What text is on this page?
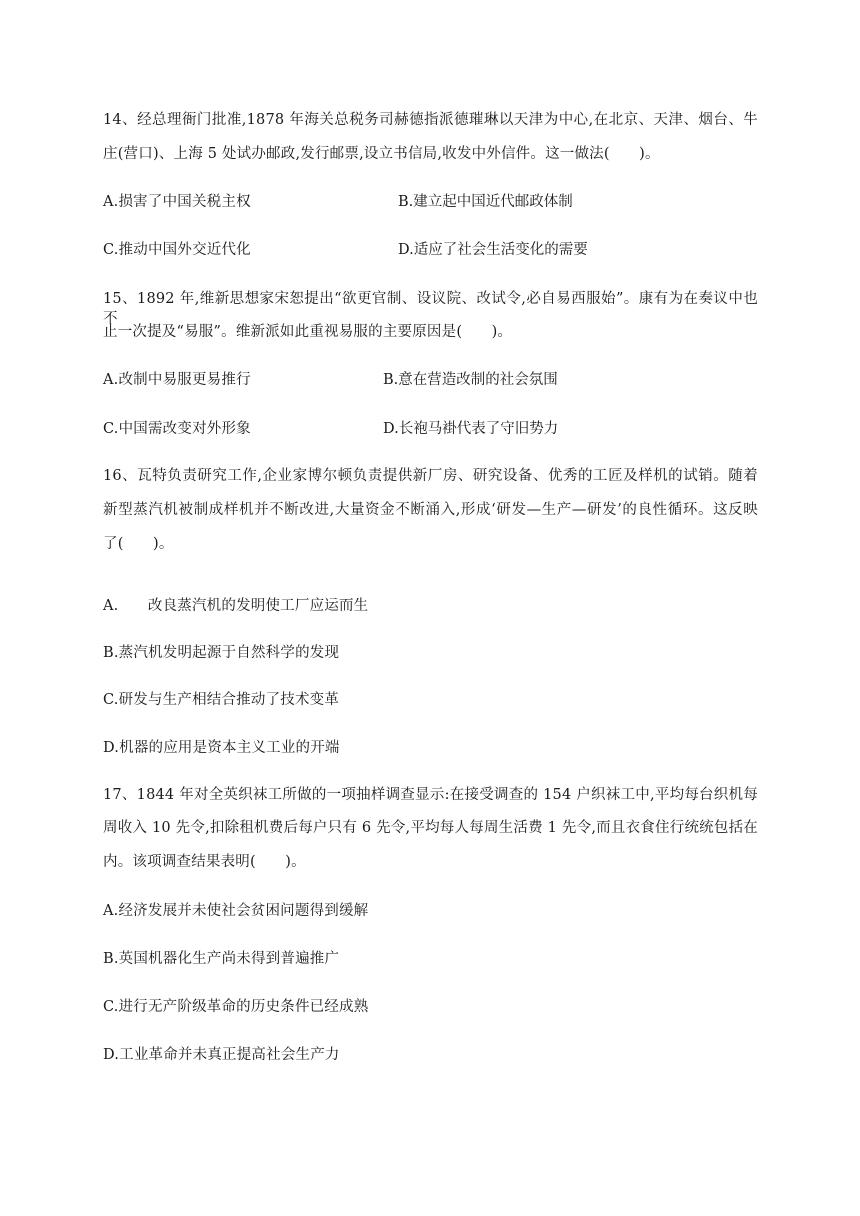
14、经总理衙门批准,1878 年海关总税务司赫德指派德璀琳以天津为中心,在北京、天津、烟台、牛
庄(营口)、上海 5 处试办邮政,发行邮票,设立书信局,收发中外信件。这一做法(　　)。
A.损害了中国关税主权	B.建立起中国近代邮政体制
C.推动中国外交近代化	D.适应了社会生活变化的需要
15、1892 年,维新思想家宋恕提出“欲更官制、设议院、改试令,必自易西服始”。康有为在奏议中也不
止一次提及“易服”。维新派如此重视易服的主要原因是(　　)。
A.改制中易服更易推行	B.意在营造改制的社会氛围
C.中国需改变对外形象	D.长袍马褂代表了守旧势力
16、瓦特负责研究工作,企业家博尔顿负责提供新厂房、研究设备、优秀的工匠及样机的试销。随着
新型蒸汽机被制成样机并不断改进,大量资金不断涌入,形成‘研发—生产—研发’的良性循环。这反映
了(　　)。
A.　　改良蒸汽机的发明使工厂应运而生
B.蒸汽机发明起源于自然科学的发现
C.研发与生产相结合推动了技术变革
D.机器的应用是资本主义工业的开端
17、1844 年对全英织袜工所做的一项抽样调查显示:在接受调查的 154 户织袜工中,平均每台织机每
周收入 10 先令,扣除租机费后每户只有 6 先令,平均每人每周生活费 1 先令,而且衣食住行统统包括在
内。该项调查结果表明(　　)。
A.经济发展并未使社会贫困问题得到缓解
B.英国机器化生产尚未得到普遍推广
C.进行无产阶级革命的历史条件已经成熟
D.工业革命并未真正提高社会生产力
